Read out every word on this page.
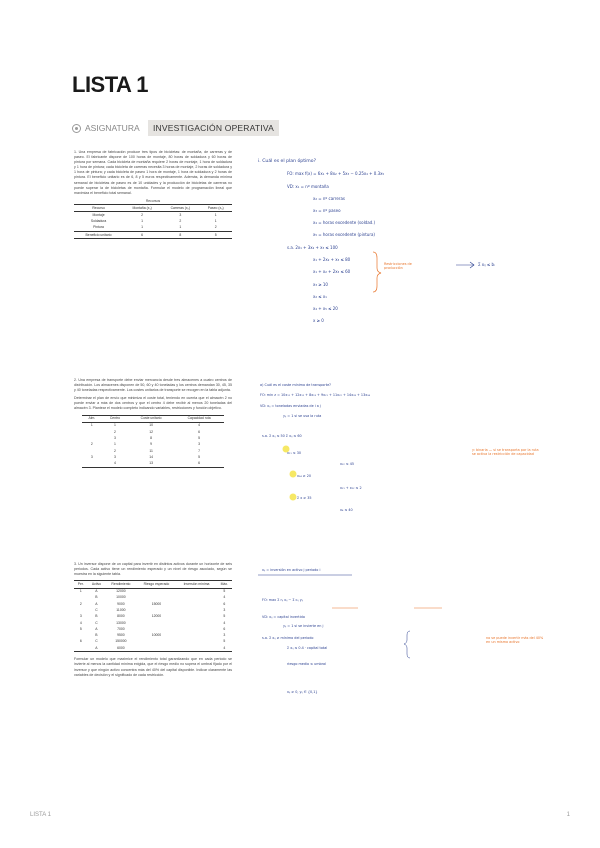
LISTA 1
ASIGNATURA	INVESTIGACIÓN OPERATIVA

1. Una empresa de fabricación produce tres tipos de bicicletas: de montaña, de carreras y de paseo. El fabricante dispone de 100 horas de montaje, 80 horas de soldadura y 60 horas de pintura por semana. Cada bicicleta de montaña requiere 2 horas de montaje, 1 hora de soldadura y 1 hora de pintura; cada bicicleta de carreras necesita 3 horas de montaje, 2 horas de soldadura y 1 hora de pintura; y cada bicicleta de paseo 1 hora de montaje, 1 hora de soldadura y 2 horas de pintura. El beneficio unitario es de 6, 8 y 5 euros respectivamente. Además, la demanda mínima semanal de bicicletas de paseo es de 10 unidades y la producción de bicicletas de carreras no puede superar la de bicicletas de montaña. Formular el modelo de programación lineal que maximiza el beneficio total semanal.

Recursos
Recurso	Montaña (x₁)	Carreras (x₂)	Paseo (x₃)
Montaje	2	3	1
Soldadura	1	2	1
Pintura	1	1	2
Beneficio unitario	6	8	5

2. Una empresa de transporte debe enviar mercancía desde tres almacenes a cuatro centros de distribución. Los almacenes disponen de 50, 60 y 40 toneladas y los centros demandan 30, 45, 35 y 40 toneladas respectivamente. Los costes unitarios de transporte se recogen en la tabla adjunta.

Determinar el plan de envío que minimiza el coste total, teniendo en cuenta que el almacén 2 no puede enviar a más de dos centros y que el centro 4 debe recibir al menos 20 toneladas del almacén 3. Plantear el modelo completo indicando variables, restricciones y función objetivo.

Alm.	Centro	Coste unitario	Capacidad ruta
1	1	10	4
	2	12	6
	3	8	5
2	1	9	3
	2	11	7
3	3	14	5
	4	13	6

3. Un inversor dispone de un capital para invertir en distintos activos durante un horizonte de seis periodos. Cada activo tiene un rendimiento esperado y un nivel de riesgo asociado, según se muestra en la siguiente tabla.

Per.	Activo	Rendimiento	Riesgo esperado	Inversión mínima	Máx.
1	A	12000			5
	B	10000			4
2	A	9000	15000		6
	C	11000			3
3	B	8000	12000		5
4	C	13000			4
5	A	7000			6
	B	9500	10000		3
6	C	150000			5
	A	6000			4

Formular un modelo que maximice el rendimiento total garantizando que en cada periodo se invierte al menos la cantidad mínima exigida, que el riesgo medio no supera el umbral fijado por el inversor y que ningún activo concentra más del 40% del capital disponible. Indicar claramente las variables de decisión y el significado de cada restricción.

i. Cuál es el plan óptimo?
FO: max f(x) = 6x₁ + 8x₂ + 5x₃ − 0.25x₄ + 0.3x₅
VD: x₁ = nº montaña
x₂ = nº carreras
x₃ = nº paseo
x₄ = horas excedente (soldad.)
x₅ = horas excedente (pintura)
s.a. 2x₁ + 3x₂ + x₃ ≤ 100
x₁ + 2x₂ + x₃ ≤ 80
x₁ + x₂ + 2x₃ ≤ 60
x₃ ≥ 10
x₂ ≤ x₁
x₄ + x₅ ≤ 20
x ≥ 0
Restricciones de producción
Σ xᵢⱼ ≤ bᵢ
a) Cuál es el coste mínimo de transporte?
FO: min z = 10x₁₁ + 12x₁₂ + 8x₁₃ + 9x₂₁ + 11x₂₂ + 14x₃₃ + 13x₃₄
VD: xᵢⱼ = toneladas enviadas de i a j
yᵢⱼ = 1 si se usa la ruta
s.a. Σ xᵢⱼ ≤ 50 Σ xᵢⱼ ≤ 60
x₁₁ ≤ 30
x₂₂ ≤ 45
x₃₄ ≥ 20
x₂₁ + x₂₂ ≤ 2
Σ x ≥ 35
x₄ ≤ 40
y: binaria — si se transporta por la ruta se activa la restricción de capacidad
xᵢⱼ = inversión en activo j periodo i
FO: max Σ rᵢⱼ xᵢⱼ − Σ cᵢⱼ yᵢⱼ
VD: xᵢⱼ = capital invertido
yᵢⱼ = 1 si se invierte en j
s.a. Σ xᵢⱼ ≥ mínimo del periodo
Σ xᵢⱼ ≤ 0.4 · capital total
riesgo medio ≤ umbral
xᵢⱼ ≥ 0, yᵢⱼ ∈ {0,1}
no se puede invertir más del 40% en un mismo activo
LISTA 1	1
